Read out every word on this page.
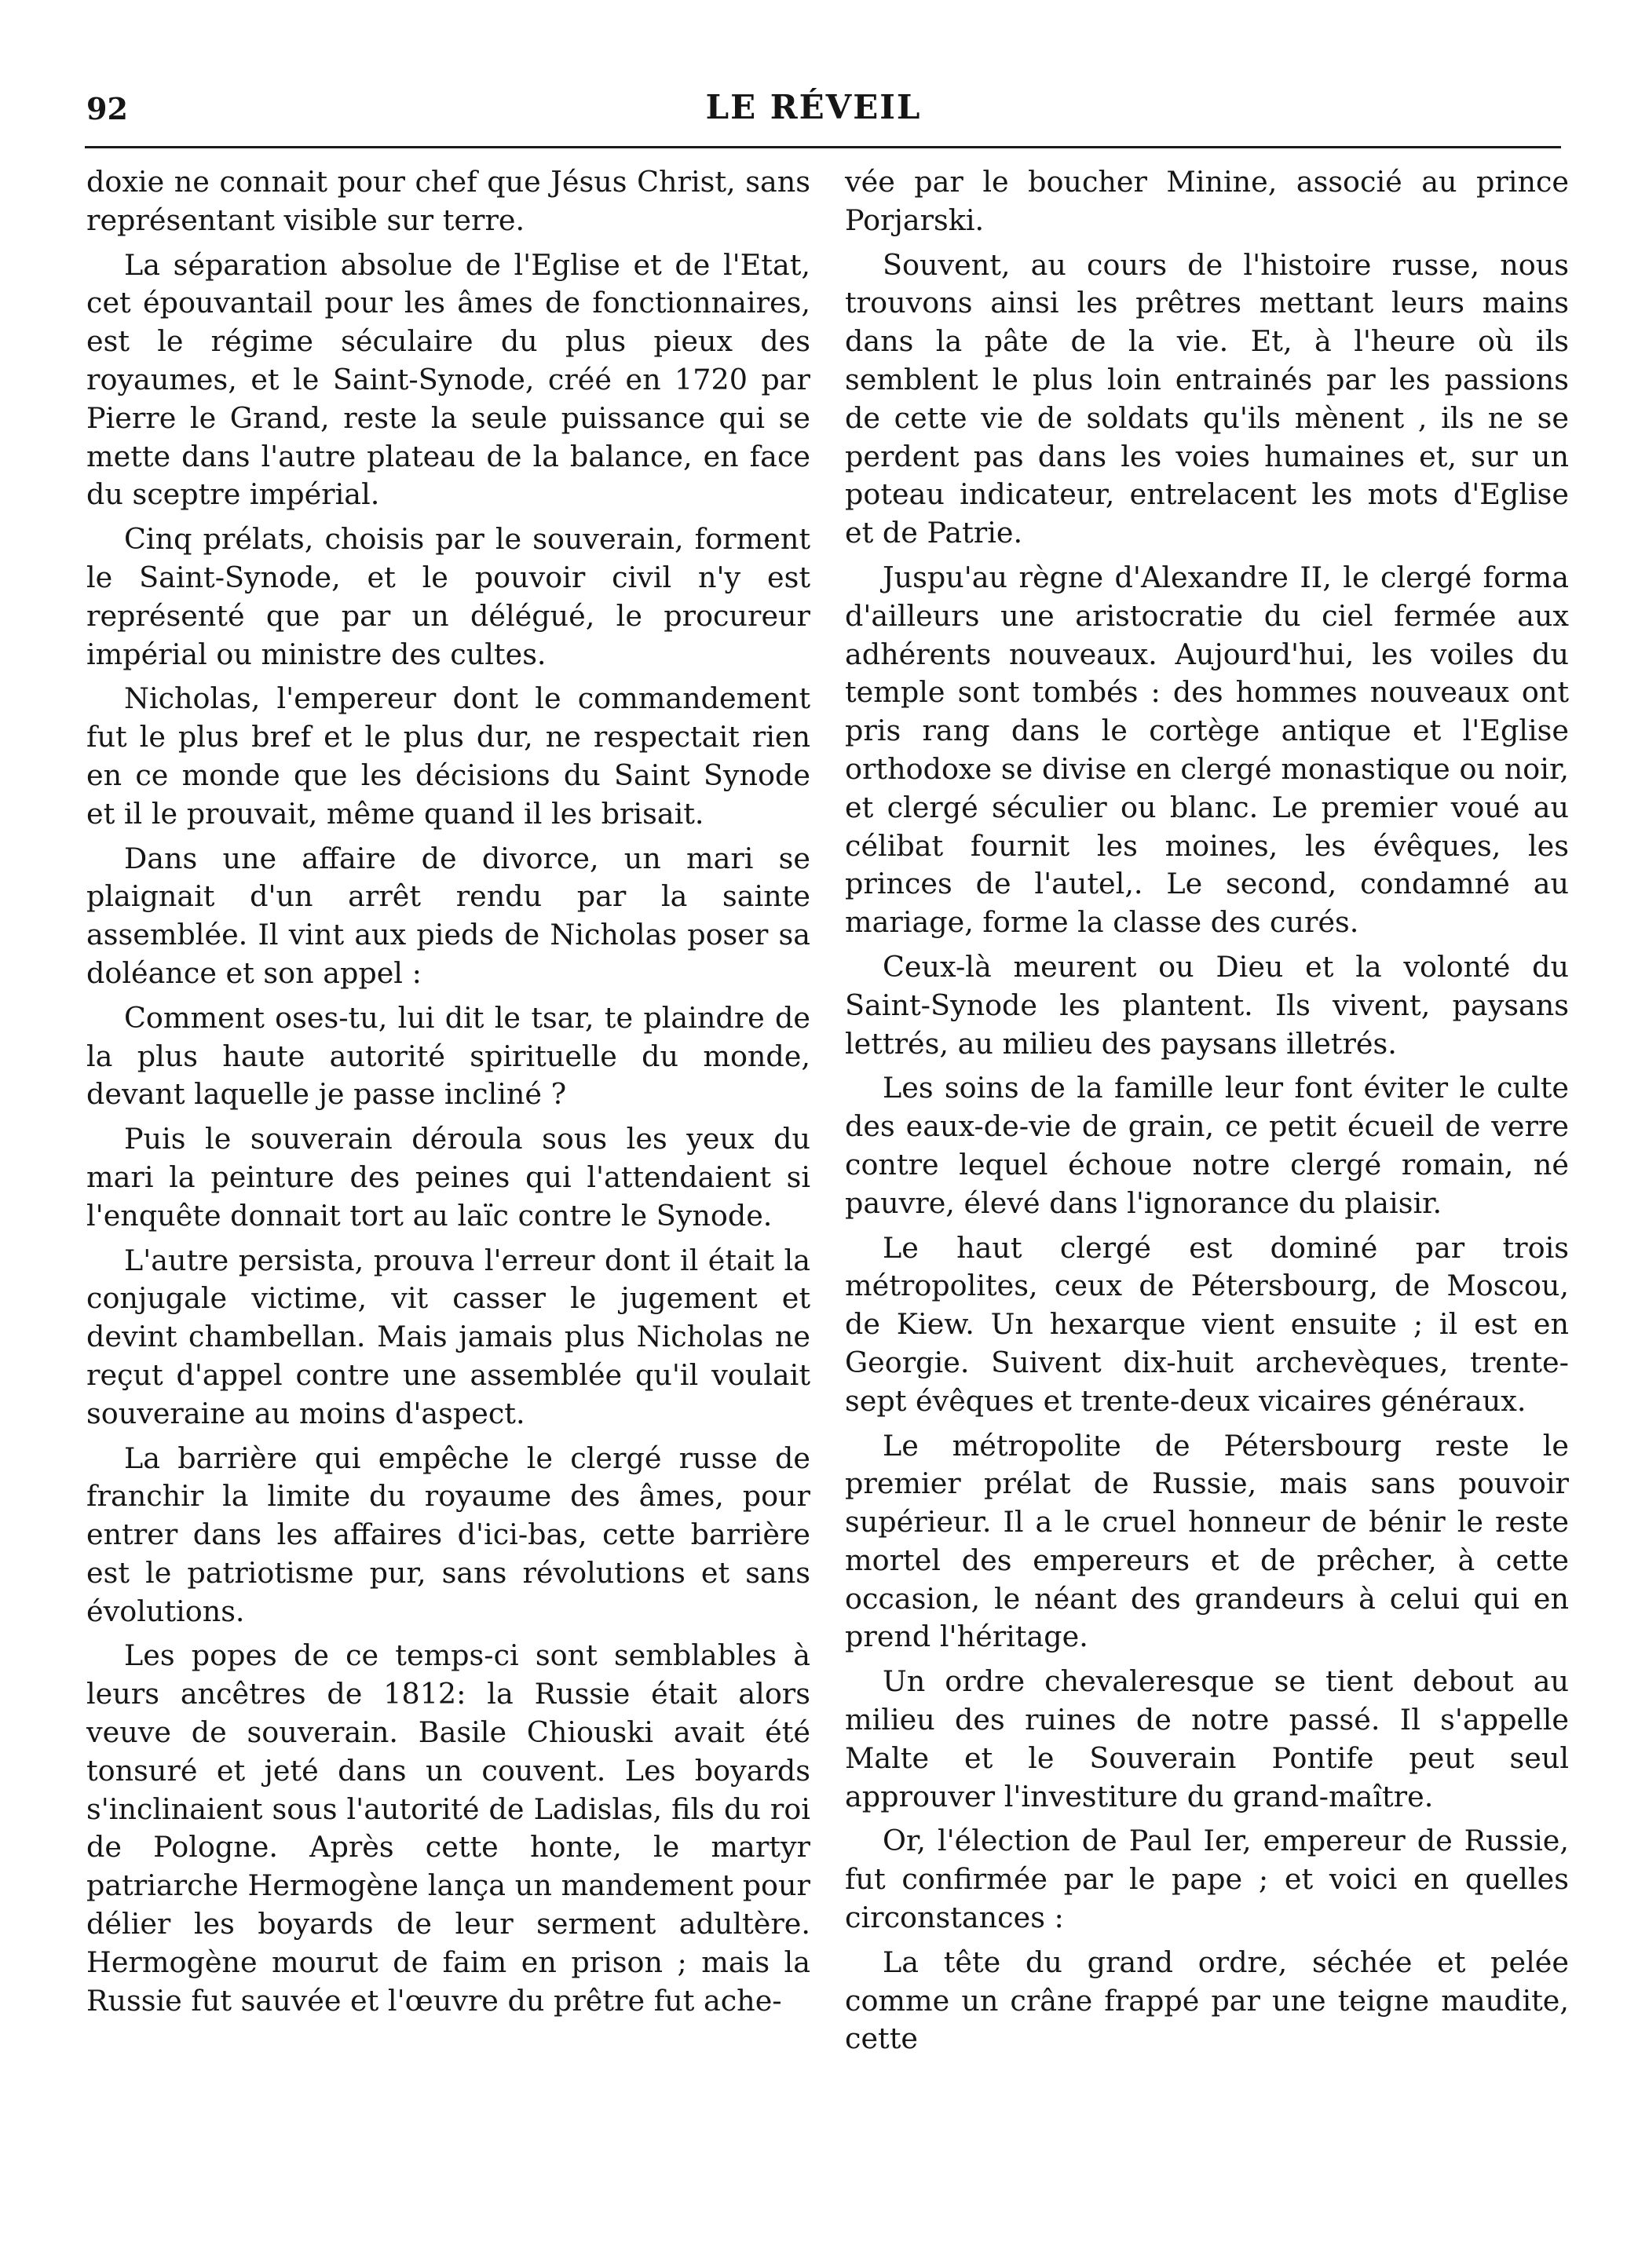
92	LE RÉVEIL

doxie ne connait pour chef que Jésus Christ, sans représentant visible sur terre.

La séparation absolue de l'Eglise et de l'Etat, cet épouvantail pour les âmes de fonctionnaires, est le régime séculaire du plus pieux des royaumes, et le Saint-Synode, créé en 1720 par Pierre le Grand, reste la seule puissance qui se mette dans l'autre plateau de la balance, en face du sceptre impérial.

Cinq prélats, choisis par le souverain, forment le Saint-Synode, et le pouvoir civil n'y est représenté que par un délégué, le procureur impérial ou ministre des cultes.

Nicholas, l'empereur dont le commandement fut le plus bref et le plus dur, ne respectait rien en ce monde que les décisions du Saint Synode et il le prouvait, même quand il les brisait.

Dans une affaire de divorce, un mari se plaignait d'un arrêt rendu par la sainte assemblée. Il vint aux pieds de Nicholas poser sa doléance et son appel :

Comment oses-tu, lui dit le tsar, te plaindre de la plus haute autorité spirituelle du monde, devant laquelle je passe incliné ?

Puis le souverain déroula sous les yeux du mari la peinture des peines qui l'attendaient si l'enquête donnait tort au laïc contre le Synode.

L'autre persista, prouva l'erreur dont il était la conjugale victime, vit casser le jugement et devint chambellan. Mais jamais plus Nicholas ne reçut d'appel contre une assemblée qu'il voulait souveraine au moins d'aspect.

La barrière qui empêche le clergé russe de franchir la limite du royaume des âmes, pour entrer dans les affaires d'ici-bas, cette barrière est le patriotisme pur, sans révolutions et sans évolutions.

Les popes de ce temps-ci sont semblables à leurs ancêtres de 1812: la Russie était alors veuve de souverain. Basile Chiouski avait été tonsuré et jeté dans un couvent. Les boyards s'inclinaient sous l'autorité de Ladislas, fils du roi de Pologne. Après cette honte, le martyr patriarche Hermogène lança un mandement pour délier les boyards de leur serment adultère. Hermogène mourut de faim en prison ; mais la Russie fut sauvée et l'œuvre du prêtre fut ache-

vée par le boucher Minine, associé au prince Porjarski.

Souvent, au cours de l'histoire russe, nous trouvons ainsi les prêtres mettant leurs mains dans la pâte de la vie. Et, à l'heure où ils semblent le plus loin entrainés par les passions de cette vie de soldats qu'ils mènent , ils ne se perdent pas dans les voies humaines et, sur un poteau indicateur, entrelacent les mots d'Eglise et de Patrie.

Juspu'au règne d'Alexandre II, le clergé forma d'ailleurs une aristocratie du ciel fermée aux adhérents nouveaux. Aujourd'hui, les voiles du temple sont tombés : des hommes nouveaux ont pris rang dans le cortège antique et l'Eglise orthodoxe se divise en clergé monastique ou noir, et clergé séculier ou blanc. Le premier voué au célibat fournit les moines, les évêques, les princes de l'autel,. Le second, condamné au mariage, forme la classe des curés.

Ceux-là meurent ou Dieu et la volonté du Saint-Synode les plantent. Ils vivent, paysans lettrés, au milieu des paysans illetrés.

Les soins de la famille leur font éviter le culte des eaux-de-vie de grain, ce petit écueil de verre contre lequel échoue notre clergé romain, né pauvre, élevé dans l'ignorance du plaisir.

Le haut clergé est dominé par trois métropolites, ceux de Pétersbourg, de Moscou, de Kiew. Un hexarque vient ensuite ; il est en Georgie. Suivent dix-huit archevèques, trente-sept évêques et trente-deux vicaires généraux.

Le métropolite de Pétersbourg reste le premier prélat de Russie, mais sans pouvoir supérieur. Il a le cruel honneur de bénir le reste mortel des empereurs et de prêcher, à cette occasion, le néant des grandeurs à celui qui en prend l'héritage.

Un ordre chevaleresque se tient debout au milieu des ruines de notre passé. Il s'appelle Malte et le Souverain Pontife peut seul approuver l'investiture du grand-maître.

Or, l'élection de Paul Ier, empereur de Russie, fut confirmée par le pape ; et voici en quelles circonstances :

La tête du grand ordre, séchée et pelée comme un crâne frappé par une teigne maudite, cette
